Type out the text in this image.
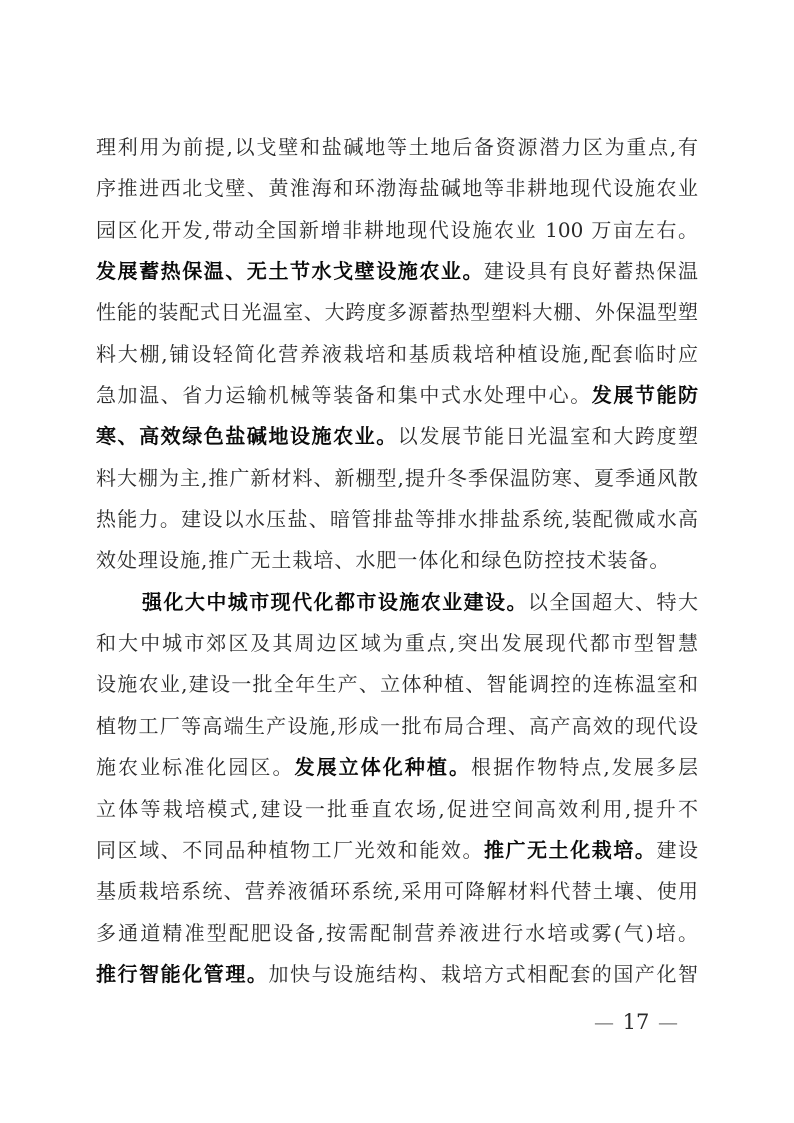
理利用为前提,以戈壁和盐碱地等土地后备资源潜力区为重点,有
序推进西北戈壁、黄淮海和环渤海盐碱地等非耕地现代设施农业
园区化开发,带动全国新增非耕地现代设施农业 100 万亩左右。
发展蓄热保温、无土节水戈壁设施农业。建设具有良好蓄热保温
性能的装配式日光温室、大跨度多源蓄热型塑料大棚、外保温型塑
料大棚,铺设轻简化营养液栽培和基质栽培种植设施,配套临时应
急加温、省力运输机械等装备和集中式水处理中心。发展节能防
寒、高效绿色盐碱地设施农业。以发展节能日光温室和大跨度塑
料大棚为主,推广新材料、新棚型,提升冬季保温防寒、夏季通风散
热能力。建设以水压盐、暗管排盐等排水排盐系统,装配微咸水高
效处理设施,推广无土栽培、水肥一体化和绿色防控技术装备。
强化大中城市现代化都市设施农业建设。以全国超大、特大
和大中城市郊区及其周边区域为重点,突出发展现代都市型智慧
设施农业,建设一批全年生产、立体种植、智能调控的连栋温室和
植物工厂等高端生产设施,形成一批布局合理、高产高效的现代设
施农业标准化园区。发展立体化种植。根据作物特点,发展多层
立体等栽培模式,建设一批垂直农场,促进空间高效利用,提升不
同区域、不同品种植物工厂光效和能效。推广无土化栽培。建设
基质栽培系统、营养液循环系统,采用可降解材料代替土壤、使用
多通道精准型配肥设备,按需配制营养液进行水培或雾(气)培。
推行智能化管理。加快与设施结构、栽培方式相配套的国产化智
— 17 —
